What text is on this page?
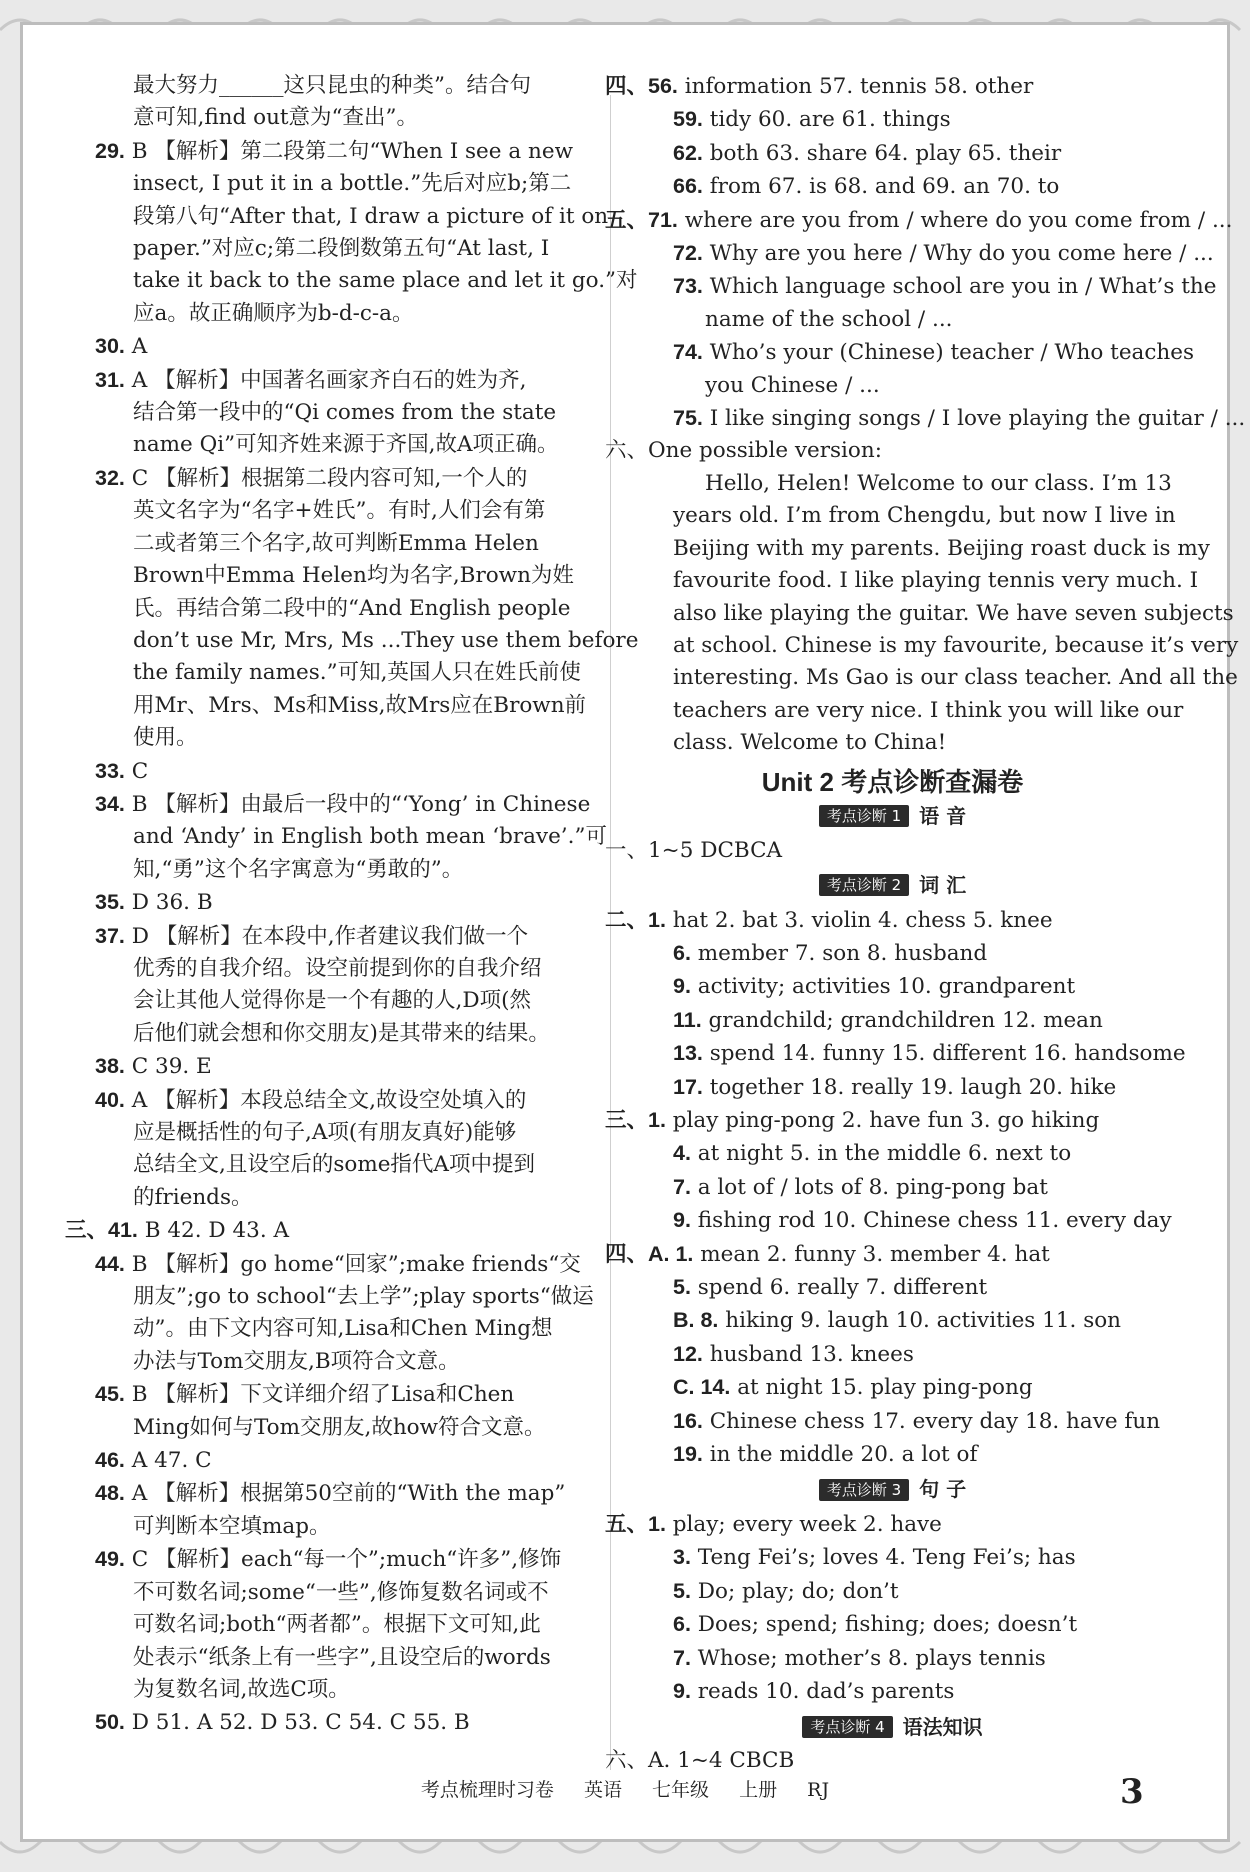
最大努力______这只昆虫的种类”。结合句
意可知,find out意为“查出”。
29. B 【解析】第二段第二句“When I see a new
insect, I put it in a bottle.”先后对应b;第二
段第八句“After that, I draw a picture of it on
paper.”对应c;第二段倒数第五句“At last, I
take it back to the same place and let it go.”对
应a。故正确顺序为b-d-c-a。
30. A
31. A 【解析】中国著名画家齐白石的姓为齐,
结合第一段中的“Qi comes from the state
name Qi”可知齐姓来源于齐国,故A项正确。
32. C 【解析】根据第二段内容可知,一个人的
英文名字为“名字+姓氏”。有时,人们会有第
二或者第三个名字,故可判断Emma Helen
Brown中Emma Helen均为名字,Brown为姓
氏。再结合第二段中的“And English people
don’t use Mr, Mrs, Ms ...They use them before
the family names.”可知,英国人只在姓氏前使
用Mr、Mrs、Ms和Miss,故Mrs应在Brown前
使用。
33. C
34. B 【解析】由最后一段中的“‘Yong’ in Chinese
and ‘Andy’ in English both mean ‘brave’.”可
知,“勇”这个名字寓意为“勇敢的”。
35. D 36. B
37. D 【解析】在本段中,作者建议我们做一个
优秀的自我介绍。设空前提到你的自我介绍
会让其他人觉得你是一个有趣的人,D项(然
后他们就会想和你交朋友)是其带来的结果。
38. C 39. E
40. A 【解析】本段总结全文,故设空处填入的
应是概括性的句子,A项(有朋友真好)能够
总结全文,且设空后的some指代A项中提到
的friends。
三、41. B 42. D 43. A
44. B 【解析】go home“回家”;make friends“交
朋友”;go to school“去上学”;play sports“做运
动”。由下文内容可知,Lisa和Chen Ming想
办法与Tom交朋友,B项符合文意。
45. B 【解析】下文详细介绍了Lisa和Chen
Ming如何与Tom交朋友,故how符合文意。
46. A 47. C
48. A 【解析】根据第50空前的“With the map”
可判断本空填map。
49. C 【解析】each“每一个”;much“许多”,修饰
不可数名词;some“一些”,修饰复数名词或不
可数名词;both“两者都”。根据下文可知,此
处表示“纸条上有一些字”,且设空后的words
为复数名词,故选C项。
50. D 51. A 52. D 53. C 54. C 55. B
四、56. information 57. tennis 58. other
59. tidy 60. are 61. things
62. both 63. share 64. play 65. their
66. from 67. is 68. and 69. an 70. to
五、71. where are you from / where do you come from / ...
72. Why are you here / Why do you come here / ...
73. Which language school are you in / What’s the
name of the school / ...
74. Who’s your (Chinese) teacher / Who teaches
you Chinese / ...
75. I like singing songs / I love playing the guitar / ...
六、One possible version:
Hello, Helen! Welcome to our class. I’m 13
years old. I’m from Chengdu, but now I live in
Beijing with my parents. Beijing roast duck is my
favourite food. I like playing tennis very much. I
also like playing the guitar. We have seven subjects
at school. Chinese is my favourite, because it’s very
interesting. Ms Gao is our class teacher. And all the
teachers are very nice. I think you will like our
class. Welcome to China!
Unit 2 考点诊断查漏卷
考点诊断 1 语 音
一、1~5 DCBCA
考点诊断 2 词 汇
二、1. hat 2. bat 3. violin 4. chess 5. knee
6. member 7. son 8. husband
9. activity; activities 10. grandparent
11. grandchild; grandchildren 12. mean
13. spend 14. funny 15. different 16. handsome
17. together 18. really 19. laugh 20. hike
三、1. play ping-pong 2. have fun 3. go hiking
4. at night 5. in the middle 6. next to
7. a lot of / lots of 8. ping-pong bat
9. fishing rod 10. Chinese chess 11. every day
四、A. 1. mean 2. funny 3. member 4. hat
5. spend 6. really 7. different
B. 8. hiking 9. laugh 10. activities 11. son
12. husband 13. knees
C. 14. at night 15. play ping-pong
16. Chinese chess 17. every day 18. have fun
19. in the middle 20. a lot of
考点诊断 3 句 子
五、1. play; every week 2. have
3. Teng Fei’s; loves 4. Teng Fei’s; has
5. Do; play; do; don’t
6. Does; spend; fishing; does; doesn’t
7. Whose; mother’s 8. plays tennis
9. reads 10. dad’s parents
考点诊断 4 语法知识
六、A. 1~4 CBCB
考点梳理时习卷 英语 七年级 上册 RJ	3
